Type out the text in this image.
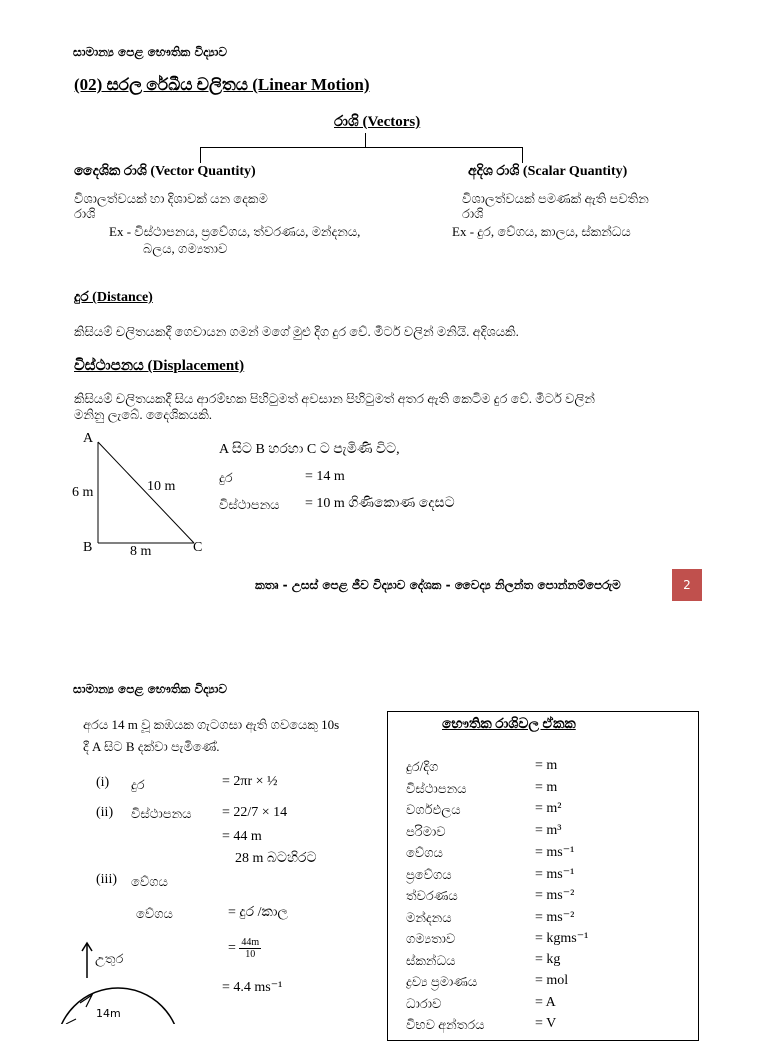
සාමාන්‍ය පෙළ භෞතික විද්‍යාව
(02) සරල රේඛීය චලිතය (Linear Motion)
රාශි (Vectors)
දෛශික රාශි (Vector Quantity)
විශාලත්වයක් හා දිශාවක් යන දෙකම
රාශි
Ex - විස්ථාපනය, ප්‍රවේගය, ත්වරණය, මන්දනය,
බලය, ගම්‍යතාව
අදිශ රාශි (Scalar Quantity)
විශාලත්වයක් පමණක් ඇති පවතින
රාශි
Ex - දුර, වේගය, කාලය, ස්කන්ධය
දුර (Distance)
කිසියම් චලිතයකදී ගෙවායන ගමන් මගේ මුළු දිග දුර වේ. මීටර් වලින් මනියි. අදිශයකි.
විස්ථාපනය (Displacement)
කිසියම් චලිතයකදී සිය ආරම්භක පිහිටුමත් අවසාන පිහිටුමත් අතර ඇති කෙටිම දුර වේ. මීටර් වලින්
මනිනු ලැබේ. දෛශිකයකි.
A
B	C
6 m
8 m
10 m
A සිට B හරහා C ට පැමිණි විට,
දුර	= 14 m
විස්ථාපනය = 10 m ගිණිකොණ දෙසට
කතෘ - උසස් පෙළ ජීව විද්‍යාව දේශක - වෛද්‍ය නිලන්ත පොන්නම්පෙරුම	2
සාමාන්‍ය පෙළ භෞතික විද්‍යාව
අරය 14 m වූ කඹයක ගැටගසා ඇති ගවයෙකු 10s
දී A සිට B දක්වා පැමිණේ.
(i) දුර	= 2πr × ½
(ii) විස්ථාපනය = 22/7 × 14
= 44 m
28 m බටහිරට
(iii) වේගය
වේගය	= දුර /කාල
උතුර
= $\frac{44m}{10}$
= 4.4 ms⁻¹
14m
භෞතික රාශිවල ඒකක
දුර/දිග	= m
විස්ථාපනය	= m
වර්ගඵලය	= m²
පරිමාව	= m³
වේගය	= ms⁻¹
ප්‍රවේගය	= ms⁻¹
ත්වරණය	= ms⁻²
මන්දනය	= ms⁻²
ගම්‍යතාව	= kgms⁻¹
ස්කන්ධය	= kg
ද්‍රව්‍ය ප්‍රමාණය	= mol
ධාරාව	= A
විභව අන්තරය	= V
